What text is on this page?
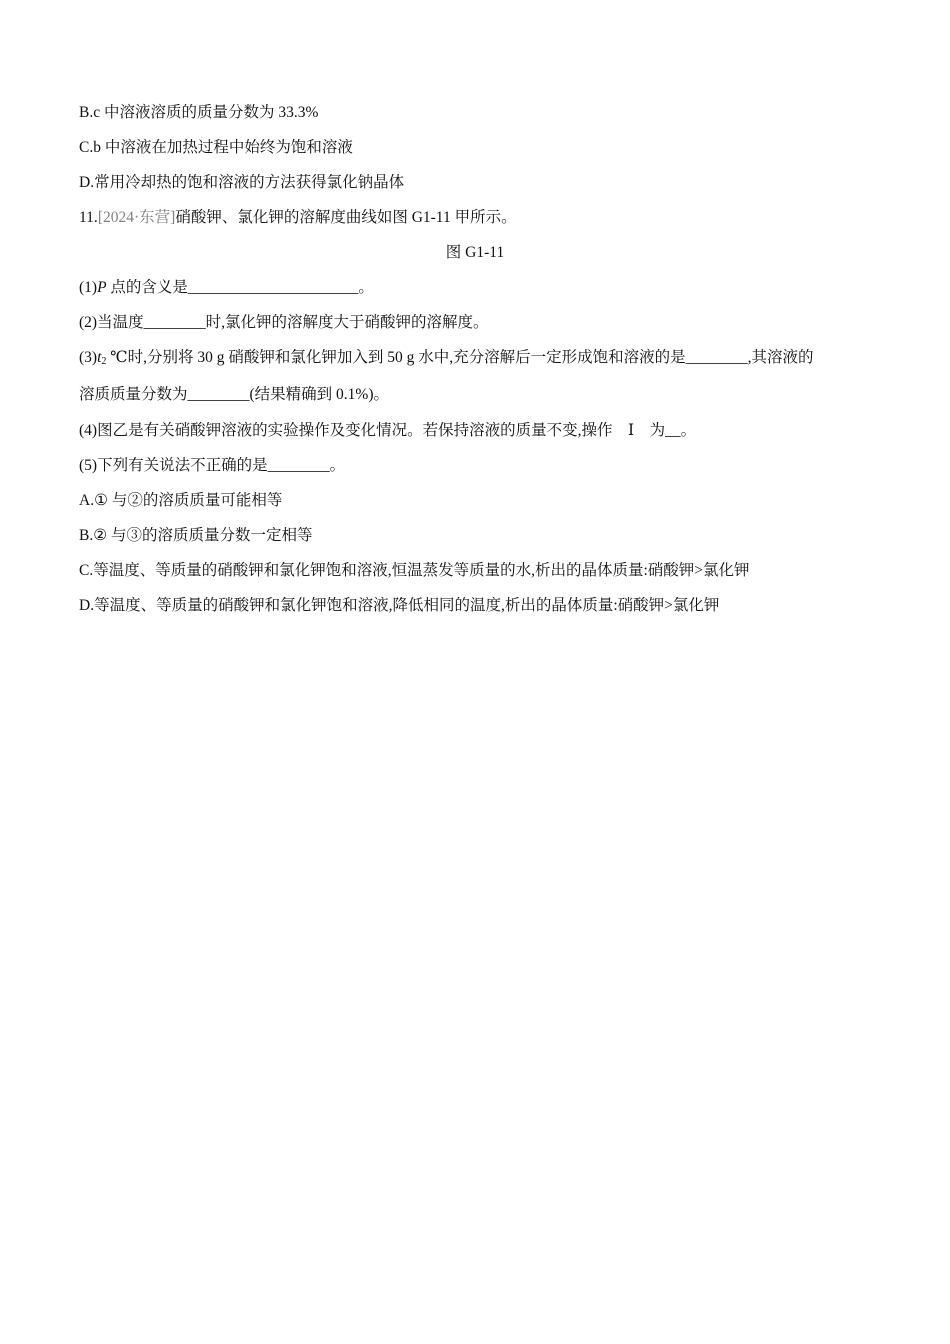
B.c 中溶液溶质的质量分数为 33.3%
C.b 中溶液在加热过程中始终为饱和溶液
D.常用冷却热的饱和溶液的方法获得氯化钠晶体
11.[2024·东营]硝酸钾、氯化钾的溶解度曲线如图 G1-11 甲所示。
图 G1-11
(1)P 点的含义是______________________。
(2)当温度________时,氯化钾的溶解度大于硝酸钾的溶解度。
$(3)t_2$ ℃时,分别将 30 g 硝酸钾和氯化钾加入到 50 g 水中,充分溶解后一定形成饱和溶液的是________,其溶液的
溶质质量分数为________(结果精确到 0.1%)。
(4)图乙是有关硝酸钾溶液的实验操作及变化情况。若保持溶液的质量不变,操作　Ⅰ　为__。
(5)下列有关说法不正确的是________。
A.① 与②的溶质质量可能相等
B.② 与③的溶质质量分数一定相等
C.等温度、等质量的硝酸钾和氯化钾饱和溶液,恒温蒸发等质量的水,析出的晶体质量:硝酸钾>氯化钾
D.等温度、等质量的硝酸钾和氯化钾饱和溶液,降低相同的温度,析出的晶体质量:硝酸钾>氯化钾
